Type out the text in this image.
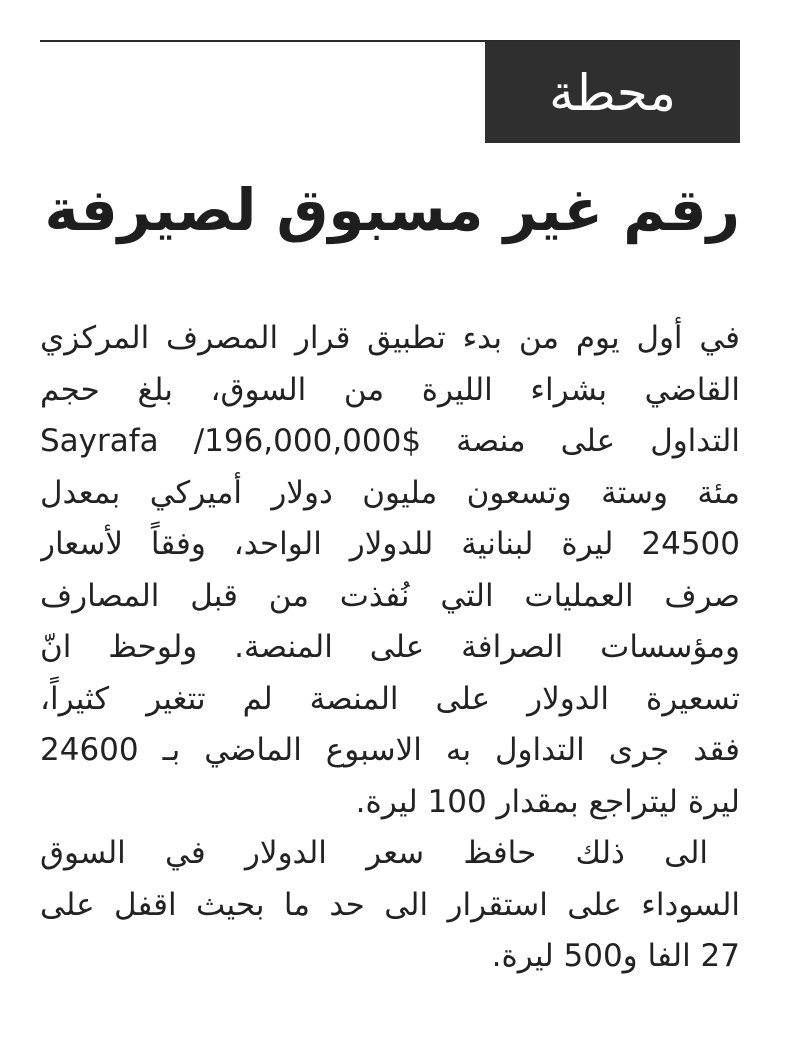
محطة
رقم غير مسبوق لصيرفة
في أول يوم من بدء تطبيق قرار المصرف المركزي
القاضي بشراء الليرة من السوق، بلغ حجم
التداول على منصة Sayrafa /196,000,000$
مئة وستة وتسعون مليون دولار أميركي بمعدل
24500 ليرة لبنانية للدولار الواحد، وفقاً لأسعار
صرف العمليات التي نُفذت من قبل المصارف
ومؤسسات الصرافة على المنصة. ولوحظ انّ
تسعيرة الدولار على المنصة لم تتغير كثيراً،
فقد جرى التداول به الاسبوع الماضي بـ 24600
ليرة ليتراجع بمقدار 100 ليرة.
الى ذلك حافظ سعر الدولار في السوق
السوداء على استقرار الى حد ما بحيث اقفل على
27 الفا و500 ليرة.
